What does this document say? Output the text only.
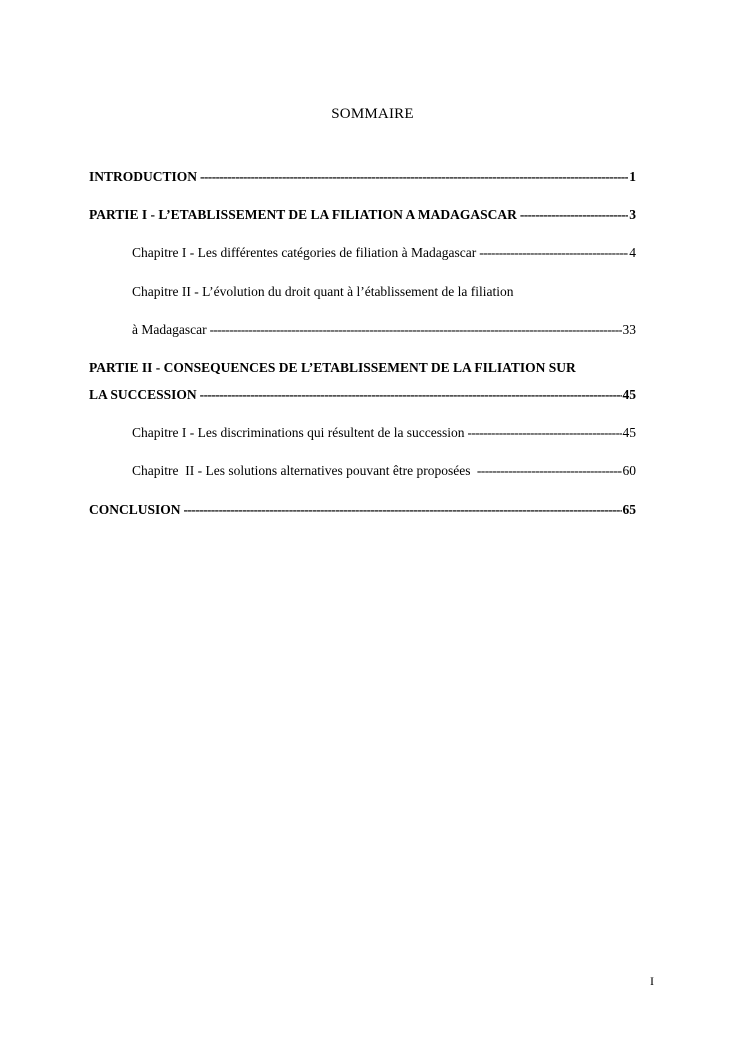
SOMMAIRE
INTRODUCTION -----	1
PARTIE I - L’ETABLISSEMENT DE LA FILIATION A MADAGASCAR -----	3
Chapitre I - Les différentes catégories de filiation à Madagascar -----	4
Chapitre II - L’évolution du droit quant à l’établissement de la filiation
à Madagascar -----	33
PARTIE II - CONSEQUENCES DE L’ETABLISSEMENT DE LA FILIATION SUR
LA SUCCESSION -----	45
Chapitre I - Les discriminations qui résultent de la succession -----	45
Chapitre  II - Les solutions alternatives pouvant être proposées -----	60
CONCLUSION -----	65
I
